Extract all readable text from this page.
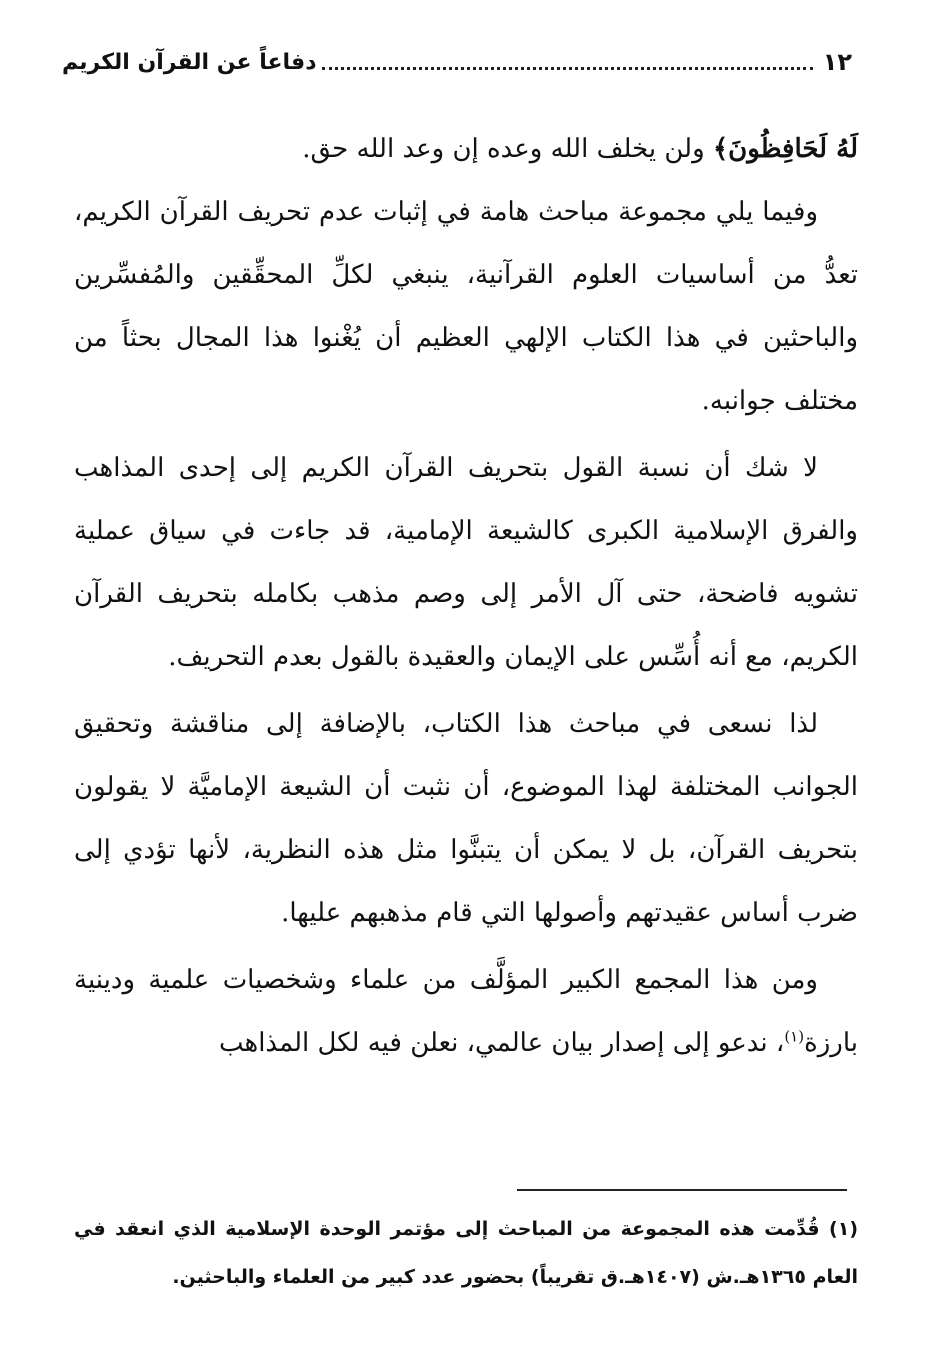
١٢
دفاعاً عن القرآن الكريم

لَهُ لَحَافِظُونَ﴾ ولن يخلف الله وعده إن وعد الله حق.

وفيما يلي مجموعة مباحث هامة في إثبات عدم تحريف القرآن الكريم، تعدُّ من أساسيات العلوم القرآنية، ينبغي لكلِّ المحقِّقين والمُفسِّرين والباحثين في هذا الكتاب الإلهي العظيم أن يُغْنوا هذا المجال بحثاً من مختلف جوانبه.

لا شك أن نسبة القول بتحريف القرآن الكريم إلى إحدى المذاهب والفرق الإسلامية الكبرى كالشيعة الإمامية، قد جاءت في سياق عملية تشويه فاضحة، حتى آل الأمر إلى وصم مذهب بكامله بتحريف القرآن الكريم، مع أنه أُسِّس على الإيمان والعقيدة بالقول بعدم التحريف.

لذا نسعى في مباحث هذا الكتاب، بالإضافة إلى مناقشة وتحقيق الجوانب المختلفة لهذا الموضوع، أن نثبت أن الشيعة الإماميَّة لا يقولون بتحريف القرآن، بل لا يمكن أن يتبنَّوا مثل هذه النظرية، لأنها تؤدي إلى ضرب أساس عقيدتهم وأصولها التي قام مذهبهم عليها.

ومن هذا المجمع الكبير المؤلَّف من علماء وشخصيات علمية ودينية بارزة$^{(١)}$، ندعو إلى إصدار بيان عالمي، نعلن فيه لكل المذاهب

(١) قُدِّمت هذه المجموعة من المباحث إلى مؤتمر الوحدة الإسلامية الذي انعقد في العام ١٣٦٥هـ.ش (١٤٠٧هـ.ق تقريباً) بحضور عدد كبير من العلماء والباحثين.
